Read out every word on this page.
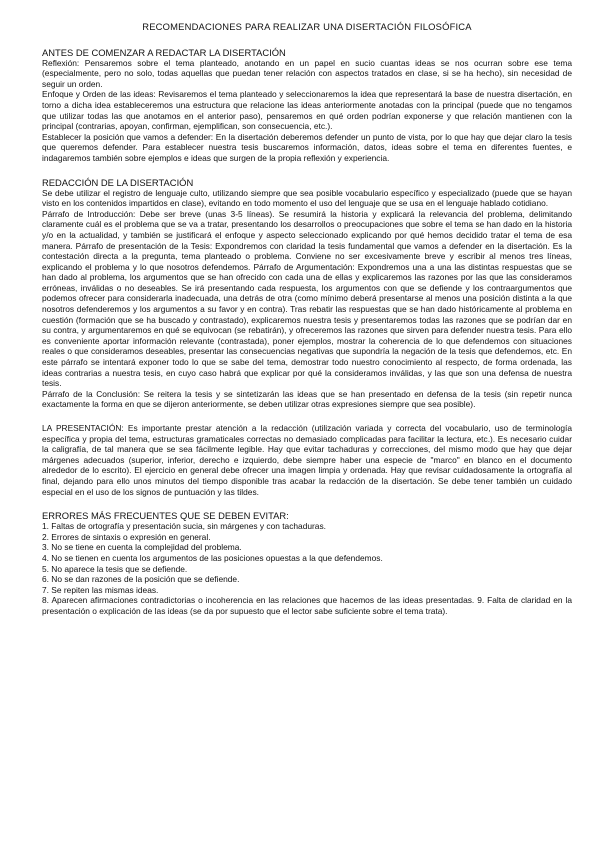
RECOMENDACIONES PARA REALIZAR UNA DISERTACIÓN FILOSÓFICA
ANTES DE COMENZAR A REDACTAR LA DISERTACIÓN

Reflexión: Pensaremos sobre el tema planteado, anotando en un papel en sucio cuantas ideas se nos ocurran sobre ese tema (especialmente, pero no solo, todas aquellas que puedan tener relación con aspectos tratados en clase, si se ha hecho), sin necesidad de seguir un orden.

Enfoque y Orden de las ideas: Revisaremos el tema planteado y seleccionaremos la idea que representará la base de nuestra disertación, en torno a dicha idea estableceremos una estructura que relacione las ideas anteriormente anotadas con la principal (puede que no tengamos que utilizar todas las que anotamos en el anterior paso), pensaremos en qué orden podrían exponerse y que relación mantienen con la principal (contrarias, apoyan, confirman, ejemplifican, son consecuencia, etc.).

Establecer la posición que vamos a defender: En la disertación deberemos defender un punto de vista, por lo que hay que dejar claro la tesis que queremos defender. Para establecer nuestra tesis buscaremos información, datos, ideas sobre el tema en diferentes fuentes, e indagaremos también sobre ejemplos e ideas que surgen de la propia reflexión y experiencia.

REDACCIÓN DE LA DISERTACIÓN

Se debe utilizar el registro de lenguaje culto, utilizando siempre que sea posible vocabulario específico y especializado (puede que se hayan visto en los contenidos impartidos en clase), evitando en todo momento el uso del lenguaje que se usa en el lenguaje hablado cotidiano.

Párrafo de Introducción: Debe ser breve (unas 3-5 líneas). Se resumirá la historia y explicará la relevancia del problema, delimitando claramente cuál es el problema que se va a tratar, presentando los desarrollos o preocupaciones que sobre el tema se han dado en la historia y/o en la actualidad, y también se justificará el enfoque y aspecto seleccionado explicando por qué hemos decidido tratar el tema de esa manera. Párrafo de presentación de la Tesis: Expondremos con claridad la tesis fundamental que vamos a defender en la disertación. Es la contestación directa a la pregunta, tema planteado o problema. Conviene no ser excesivamente breve y escribir al menos tres líneas, explicando el problema y lo que nosotros defendemos. Párrafo de Argumentación: Expondremos una a una las distintas respuestas que se han dado al problema, los argumentos que se han ofrecido con cada una de ellas y explicaremos las razones por las que las consideramos erróneas, inválidas o no deseables. Se irá presentando cada respuesta, los argumentos con que se defiende y los contraargumentos que podemos ofrecer para considerarla inadecuada, una detrás de otra (como mínimo deberá presentarse al menos una posición distinta a la que nosotros defenderemos y los argumentos a su favor y en contra). Tras rebatir las respuestas que se han dado históricamente al problema en cuestión (formación que se ha buscado y contrastado), explicaremos nuestra tesis y presentaremos todas las razones que se podrían dar en su contra, y argumentaremos en qué se equivocan (se rebatirán), y ofreceremos las razones que sirven para defender nuestra tesis. Para ello es conveniente aportar información relevante (contrastada), poner ejemplos, mostrar la coherencia de lo que defendemos con situaciones reales o que consideramos deseables, presentar las consecuencias negativas que supondría la negación de la tesis que defendemos, etc. En este párrafo se intentará exponer todo lo que se sabe del tema, demostrar todo nuestro conocimiento al respecto, de forma ordenada, las ideas contrarias a nuestra tesis, en cuyo caso habrá que explicar por qué la consideramos inválidas, y las que son una defensa de nuestra tesis.

Párrafo de la Conclusión: Se reitera la tesis y se sintetizarán las ideas que se han presentado en defensa de la tesis (sin repetir nunca exactamente la forma en que se dijeron anteriormente, se deben utilizar otras expresiones siempre que sea posible).

LA PRESENTACIÓN: Es importante prestar atención a la redacción (utilización variada y correcta del vocabulario, uso de terminología específica y propia del tema, estructuras gramaticales correctas no demasiado complicadas para facilitar la lectura, etc.). Es necesario cuidar la caligrafía, de tal manera que se sea fácilmente legible. Hay que evitar tachaduras y correcciones, del mismo modo que hay que dejar márgenes adecuados (superior, inferior, derecho e izquierdo, debe siempre haber una especie de "marco" en blanco en el documento alrededor de lo escrito). El ejercicio en general debe ofrecer una imagen limpia y ordenada. Hay que revisar cuidadosamente la ortografía al final, dejando para ello unos minutos del tiempo disponible tras acabar la redacción de la disertación. Se debe tener también un cuidado especial en el uso de los signos de puntuación y las tildes.

ERRORES MÁS FRECUENTES QUE SE DEBEN EVITAR:
1. Faltas de ortografía y presentación sucia, sin márgenes y con tachaduras.
2. Errores de sintaxis o expresión en general.
3. No se tiene en cuenta la complejidad del problema.
4. No se tienen en cuenta los argumentos de las posiciones opuestas a la que defendemos.
5. No aparece la tesis que se defiende.
6. No se dan razones de la posición que se defiende.
7. Se repiten las mismas ideas.
8. Aparecen afirmaciones contradictorias o incoherencia en las relaciones que hacemos de las ideas presentadas. 9. Falta de claridad en la presentación o explicación de las ideas (se da por supuesto que el lector sabe suficiente sobre el tema trata).
